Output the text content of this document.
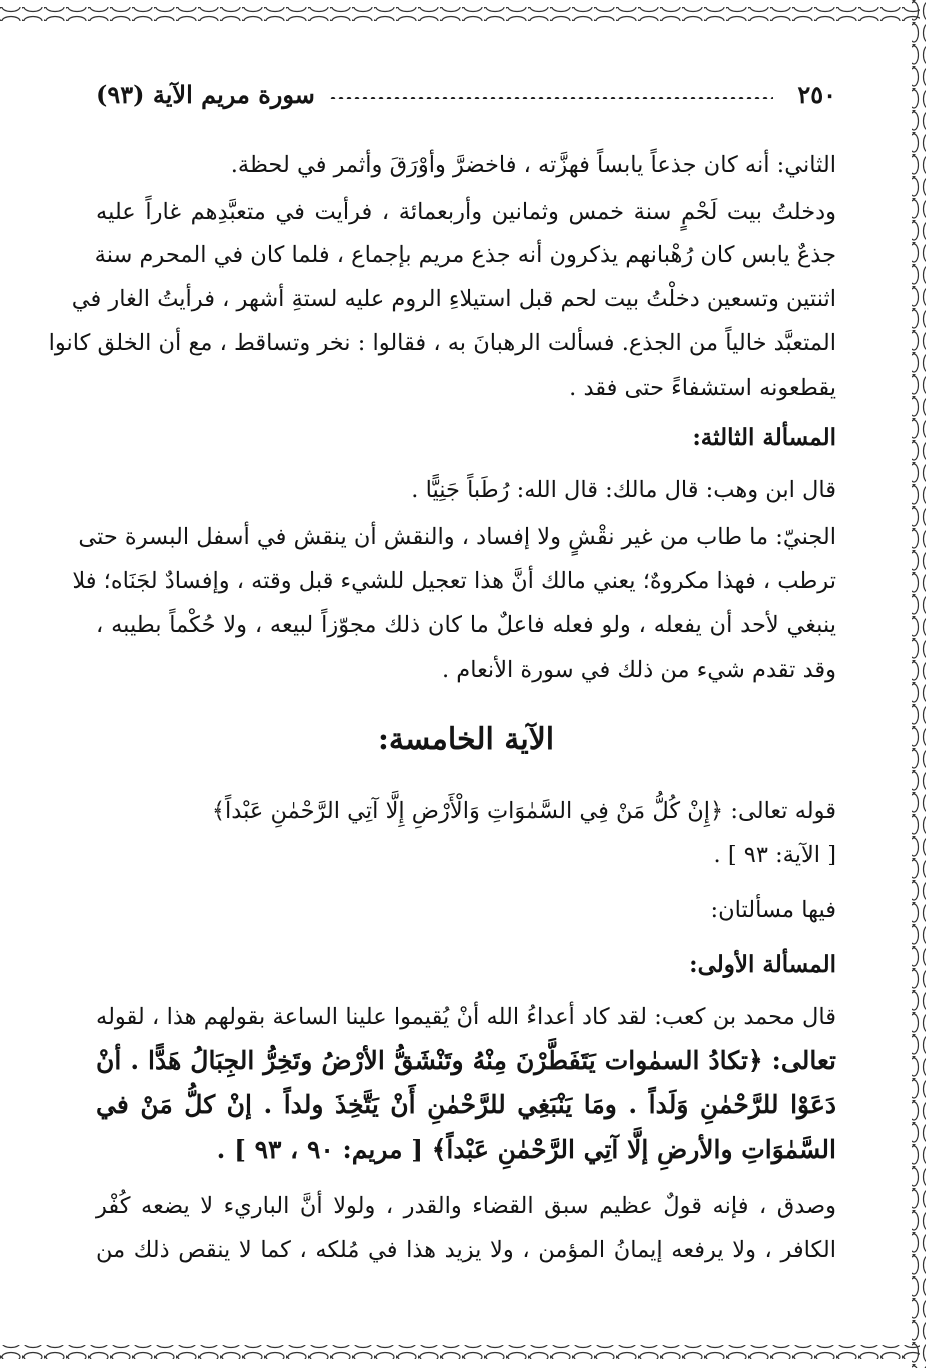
٢٥٠
سورة مريم الآية (٩٣)
الثاني: أنه كان جذعاً يابساً فهزَّته ، فاخضرَّ وأوْرَقَ وأثمر في لحظة.
ودخلتُ بيت لَحْمٍ سنة خمس وثمانين وأربعمائة ، فرأيت في متعبَّدِهم غاراً عليه
جذعٌ يابس كان رُهْبانهم يذكرون أنه جذع مريم بإجماع ، فلما كان في المحرم سنة
اثنتين وتسعين دخلْتُ بيت لحم قبل استيلاءِ الروم عليه لستةِ أشهر ، فرأيتُ الغار في
المتعبَّد خالياً من الجذع. فسألت الرهبانَ به ، فقالوا : نخر وتساقط ، مع أن الخلق كانوا
يقطعونه استشفاءً حتى فقد .
المسألة الثالثة:
قال ابن وهب: قال مالك: قال الله: رُطَباً جَنِيًّا .
الجنيّ: ما طاب من غير نقْشٍ ولا إفساد ، والنقش أن ينقش في أسفل البسرة حتى
ترطب ، فهذا مكروهٌ؛ يعني مالك أنَّ هذا تعجيل للشيء قبل وقته ، وإفسادٌ لجَنَاه؛ فلا
ينبغي لأحد أن يفعله ، ولو فعله فاعلٌ ما كان ذلك مجوّزاً لبيعه ، ولا حُكْماً بطيبه ،
وقد تقدم شيء من ذلك في سورة الأنعام .
الآية الخامسة:
قوله تعالى: ﴿إِنْ كُلُّ مَنْ فِي السَّمٰوَاتِ وَالْأَرْضِ إِلَّا آتِي الرَّحْمٰنِ عَبْداً﴾
[ الآية: ٩٣ ] .
فيها مسألتان:
المسألة الأولى:
قال محمد بن كعب: لقد كاد أعداءُ الله أنْ يُقيموا علينا الساعة بقولهم هذا ، لقوله
تعالى: ﴿تكادُ السمٰوات يَتَفَطَّرْنَ مِنْهُ وتَنْشَقُّ الأرْضُ وتَخِرُّ الجِبَالُ هَدًّا . أنْ
دَعَوْا للرَّحْمٰنِ وَلَداً . ومَا يَنْبَغِي للرَّحْمٰنِ أَنْ يَتَّخِذَ ولداً . إنْ كلُّ مَنْ في
السَّمٰوَاتِ والأرضِ إلَّا آتِي الرَّحْمٰنِ عَبْداً﴾ [ مريم: ٩٠ ، ٩٣ ] .
وصدق ، فإنه قولٌ عظيم سبق القضاء والقدر ، ولولا أنَّ الباريء لا يضعه كُفْر
الكافر ، ولا يرفعه إيمانُ المؤمن ، ولا يزيد هذا في مُلكه ، كما لا ينقص ذلك من
